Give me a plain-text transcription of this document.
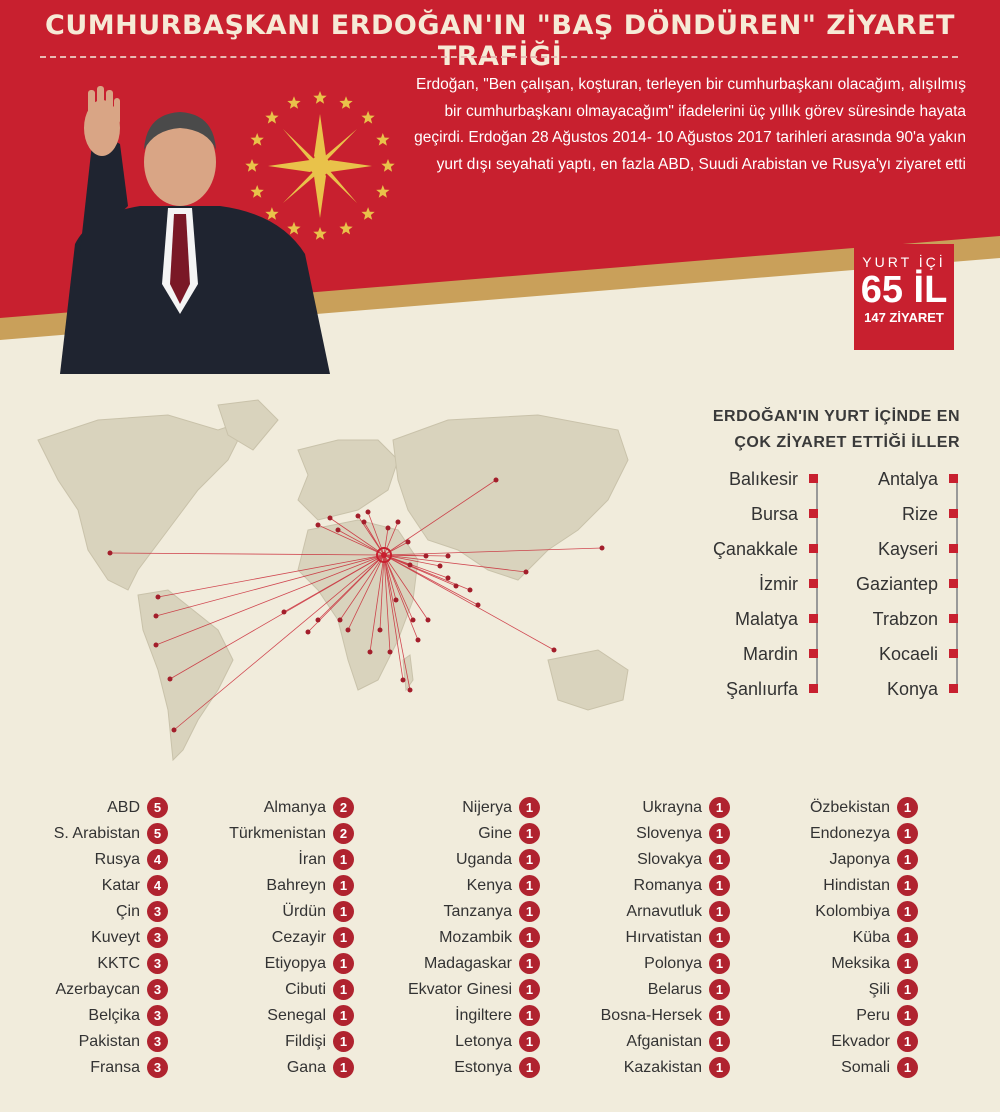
CUMHURBAŞKANI ERDOĞAN'IN "BAŞ DÖNDÜREN" ZİYARET TRAFİĞİ
Erdoğan, "Ben çalışan, koşturan, terleyen bir cumhurbaşkanı olacağım, alışılmış bir cumhurbaşkanı olmayacağım" ifadelerini üç yıllık görev süresinde hayata geçirdi. Erdoğan 28 Ağustos 2014- 10 Ağustos 2017 tarihleri arasında 90'a yakın yurt dışı seyahati yaptı, en fazla ABD, Suudi Arabistan ve Rusya'yı ziyaret etti
YURT İÇİ
65 İL
147 ZİYARET
ERDOĞAN'IN YURT İÇİNDE EN
ÇOK ZİYARET ETTİĞİ İLLER
Balıkesir
Bursa
Çanakkale
İzmir
Malatya
Mardin
Şanlıurfa
Antalya
Rize
Kayseri
Gaziantep
Trabzon
Kocaeli
Konya
ABD	5
S. Arabistan	5
Rusya	4
Katar	4
Çin	3
Kuveyt	3
KKTC	3
Azerbaycan	3
Belçika	3
Pakistan	3
Fransa	3
Almanya	2
Türkmenistan	2
İran	1
Bahreyn	1
Ürdün	1
Cezayir	1
Etiyopya	1
Cibuti	1
Senegal	1
Fildişi	1
Gana	1
Nijerya	1
Gine	1
Uganda	1
Kenya	1
Tanzanya	1
Mozambik	1
Madagaskar	1
Ekvator Ginesi	1
İngiltere	1
Letonya	1
Estonya	1
Ukrayna	1
Slovenya	1
Slovakya	1
Romanya	1
Arnavutluk	1
Hırvatistan	1
Polonya	1
Belarus	1
Bosna-Hersek	1
Afganistan	1
Kazakistan	1
Özbekistan	1
Endonezya	1
Japonya	1
Hindistan	1
Kolombiya	1
Küba	1
Meksika	1
Şili	1
Peru	1
Ekvador	1
Somali	1
